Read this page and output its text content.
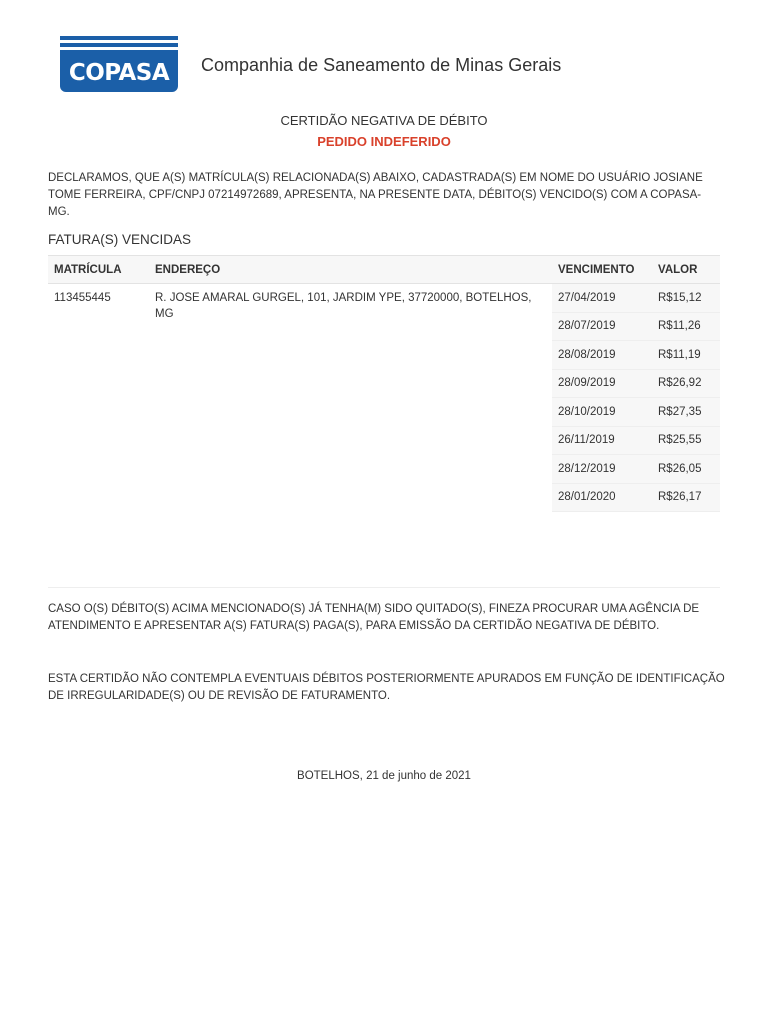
COPASA Companhia de Saneamento de Minas Gerais
CERTIDÃO NEGATIVA DE DÉBITO
PEDIDO INDEFERIDO
DECLARAMOS, QUE A(S) MATRÍCULA(S) RELACIONADA(S) ABAIXO, CADASTRADA(S) EM NOME DO USUÁRIO JOSIANE TOME FERREIRA, CPF/CNPJ 07214972689, APRESENTA, NA PRESENTE DATA, DÉBITO(S) VENCIDO(S) COM A COPASA-MG.
FATURA(S) VENCIDAS
MATRÍCULA	ENDEREÇO	VENCIMENTO	VALOR
113455445	R. JOSE AMARAL GURGEL, 101, JARDIM YPE, 37720000, BOTELHOS, MG	27/04/2019	R$15,12
		28/07/2019	R$11,26
		28/08/2019	R$11,19
		28/09/2019	R$26,92
		28/10/2019	R$27,35
		26/11/2019	R$25,55
		28/12/2019	R$26,05
		28/01/2020	R$26,17
CASO O(S) DÉBITO(S) ACIMA MENCIONADO(S) JÁ TENHA(M) SIDO QUITADO(S), FINEZA PROCURAR UMA AGÊNCIA DE ATENDIMENTO E APRESENTAR A(S) FATURA(S) PAGA(S), PARA EMISSÃO DA CERTIDÃO NEGATIVA DE DÉBITO.
ESTA CERTIDÃO NÃO CONTEMPLA EVENTUAIS DÉBITOS POSTERIORMENTE APURADOS EM FUNÇÃO DE IDENTIFICAÇÃO DE IRREGULARIDADE(S) OU DE REVISÃO DE FATURAMENTO.
BOTELHOS, 21 de junho de 2021
